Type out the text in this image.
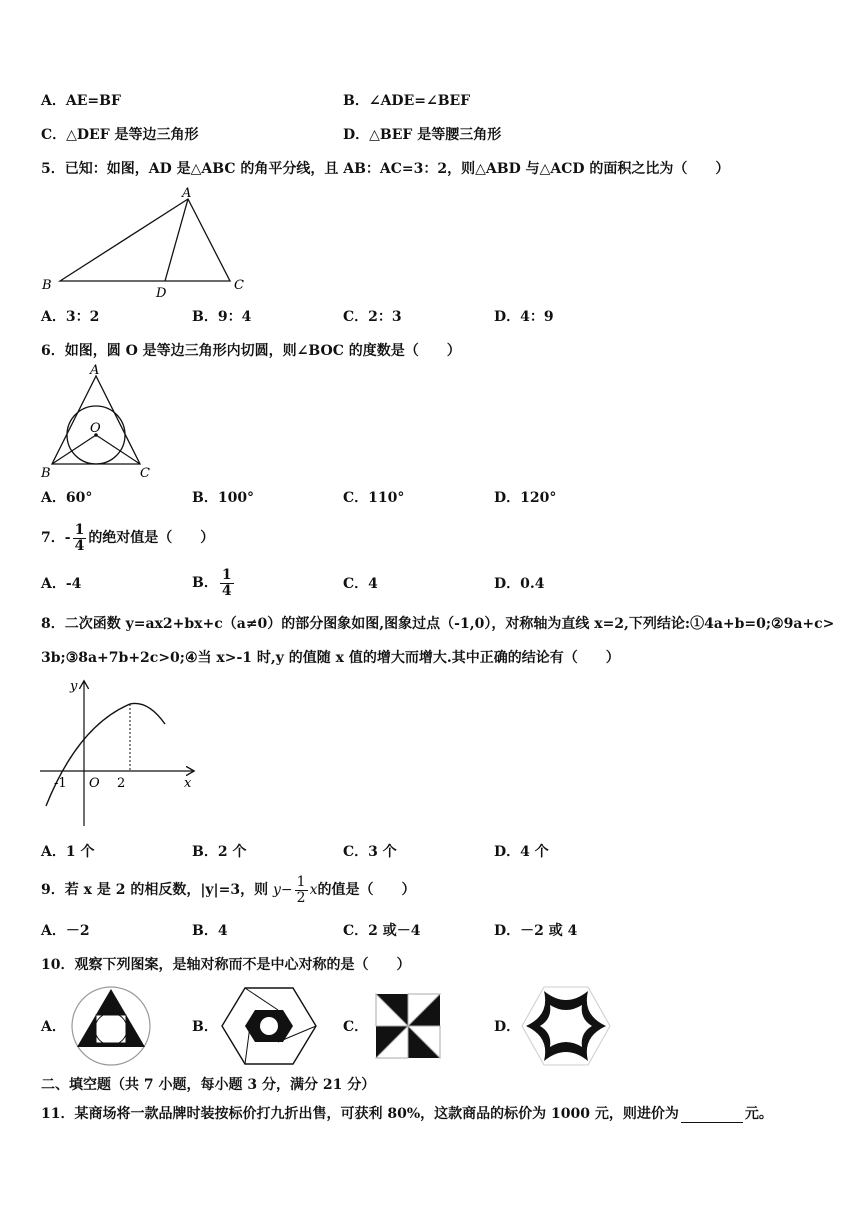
A．AE=BF	B．∠ADE=∠BEF
C．△DEF 是等边三角形	D．△BEF 是等腰三角形
5．已知：如图，AD 是△ABC 的角平分线，且 AB：AC=3：2，则△ABD 与△ACD 的面积之比为（　　）
A
B
D
C
A．3：2	B．9：4	C．2：3	D．4：9
6．如图，圆 O 是等边三角形内切圆，则∠BOC 的度数是（　　）
A
O
B	C
A．60°	B．100°	C．110°	D．120°
7．- $\frac{1}{4}$ 的绝对值是（　　）
A．-4	B． $\frac{1}{4}$	C．4	D．0.4
8．二次函数 y=ax2+bx+c（a≠0）的部分图象如图,图象过点（-1,0），对称轴为直线 x=2,下列结论:①4a+b=0;②9a+c>
3b;③8a+7b+2c>0;④当 x>-1 时,y 的值随 x 值的增大而增大.其中正确的结论有（　　）
y
x
O
-1	2
A．1 个	B．2 个	C．3 个	D．4 个
9．若 x 是 2 的相反数，|y|=3，则 $y- \frac{1}{2}$ x的值是（　　）
A．－2	B．4	C．2 或－4	D．－2 或 4
10．观察下列图案，是轴对称而不是中心对称的是（　　）
A．	B．	C．	D．
二、填空题（共 7 小题，每小题 3 分，满分 21 分）
11．某商场将一款品牌时装按标价打九折出售，可获利 80%，这款商品的标价为 1000 元，则进价为	元。
